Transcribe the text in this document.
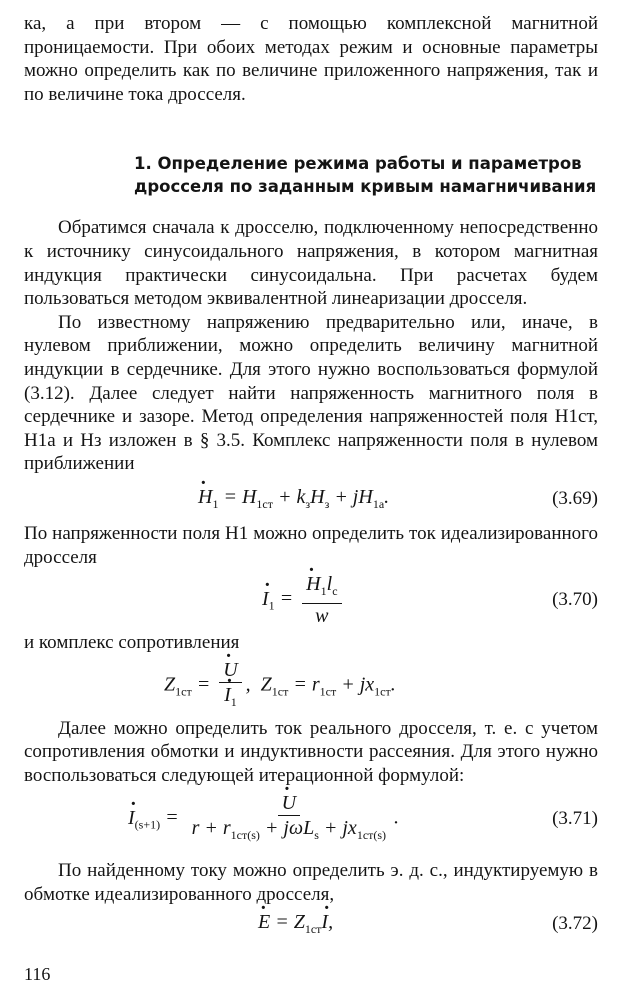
ка, а при втором — с помощью комплексной магнитной проницаемости. При обоих методах режим и основные параметры можно определить как по величине приложенного напряжения, так и по величине тока дросселя.

1. Определение режима работы и параметров дросселя по заданным кривым намагничивания

Обратимся сначала к дросселю, подключенному непосредственно к источнику синусоидального напряжения, в котором магнитная индукция практически синусоидальна. При расчетах будем пользоваться методом эквивалентной линеаризации дросселя.

По известному напряжению предварительно или, иначе, в нулевом приближении, можно определить величину магнитной индукции в сердечнике. Для этого нужно воспользоваться формулой (3.12). Далее следует найти напряженность магнитного поля в сердечнике и зазоре. Метод определения напряженностей поля H1ст, H1а и Hз изложен в § 3.5. Комплекс напряженности поля в нулевом приближении

· $H_1 = H_{1ст} + k_зH_з + jH_{1а}$.	(3.69)

По напряженности поля H1 можно определить ток идеализированного дросселя

· $I_1$ = · $\frac{H_1l_c}{w}$	(3.70)

и комплекс сопротивления

$Z_{1ст}$ = · U
· $I_1$ ,  $Z_{1ст} = r_{1ст} + jx_{1ст}$.

Далее можно определить ток реального дросселя, т. е. с учетом сопротивления обмотки и индуктивности рассеяния. Для этого нужно воспользоваться следующей итерационной формулой:

· $I_{(s+1)}$ = · $\frac{U}{r + r_{1ст(s)} + j\omega L_s + jx_{1ст(s)}}$ .	(3.71)

По найденному току можно определить э. д. с., индуктируемую в обмотке идеализированного дросселя,

· $E = Z_{1ст}\cdot I$,	(3.72)
116
